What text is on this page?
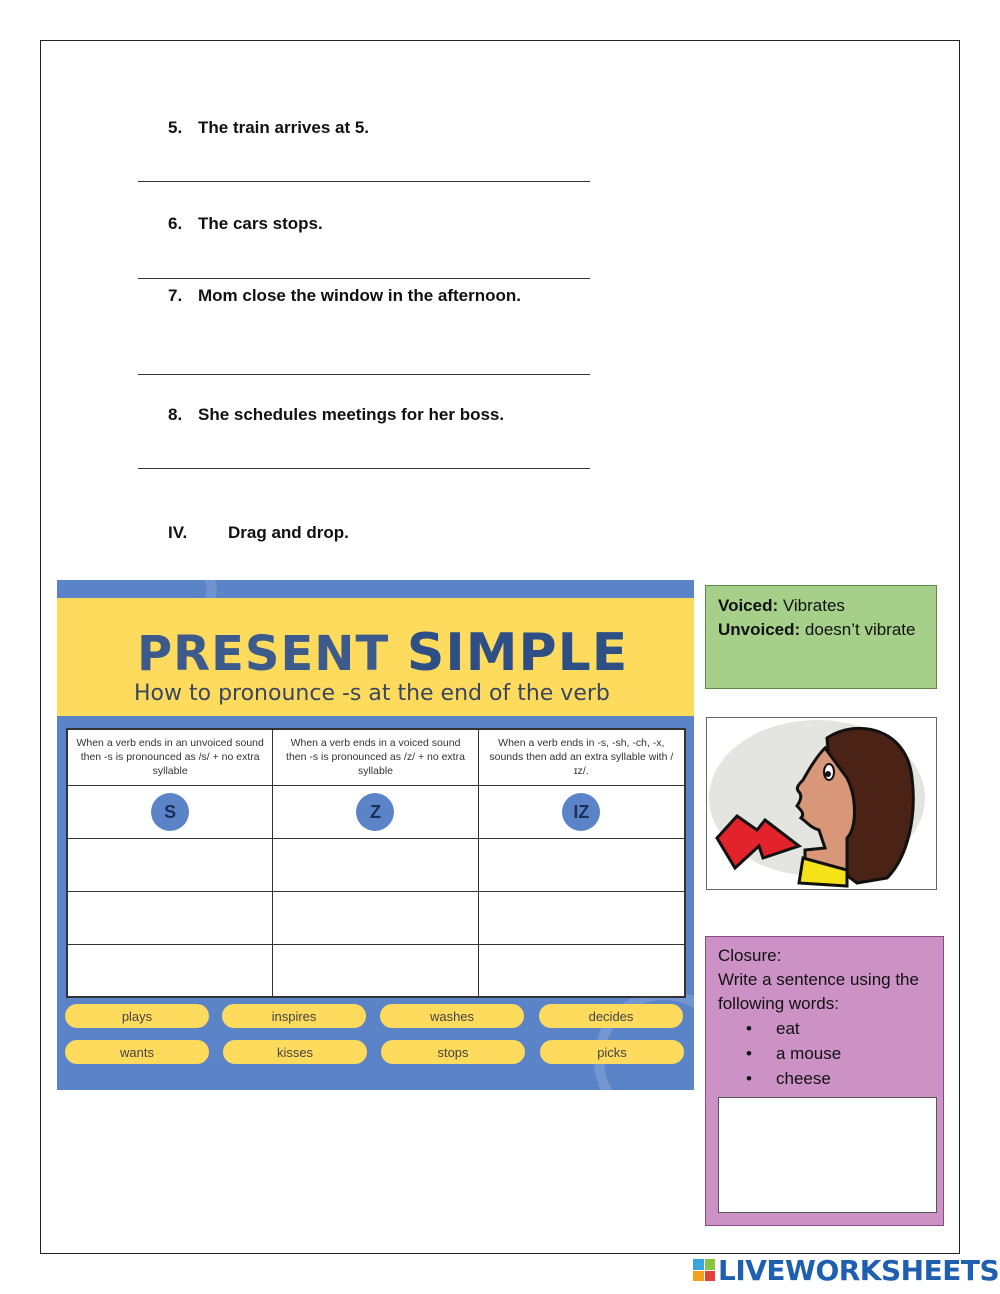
5. The train arrives at 5.
6. The cars stops.
7. Mom close the window in the afternoon.
8. She schedules meetings for her boss.
IV. Drag and drop.
PRESENT SIMPLE
How to pronounce -s at the end of the verb
When a verb ends in an unvoiced sound then -s is pronounced as /s/ + no extra syllable
When a verb ends in a voiced sound then -s is pronounced as /z/ + no extra syllable
When a verb ends in -s, -sh, -ch, -x, sounds then add an extra syllable with /ɪz/.
S	Z	IZ
plays	inspires	washes	decides
wants	kisses	stops	picks
Voiced: Vibrates
Unvoiced: doesn’t vibrate
Closure:
Write a sentence using the following words:
• eat
• a mouse
• cheese
LIVEWORKSHEETS
